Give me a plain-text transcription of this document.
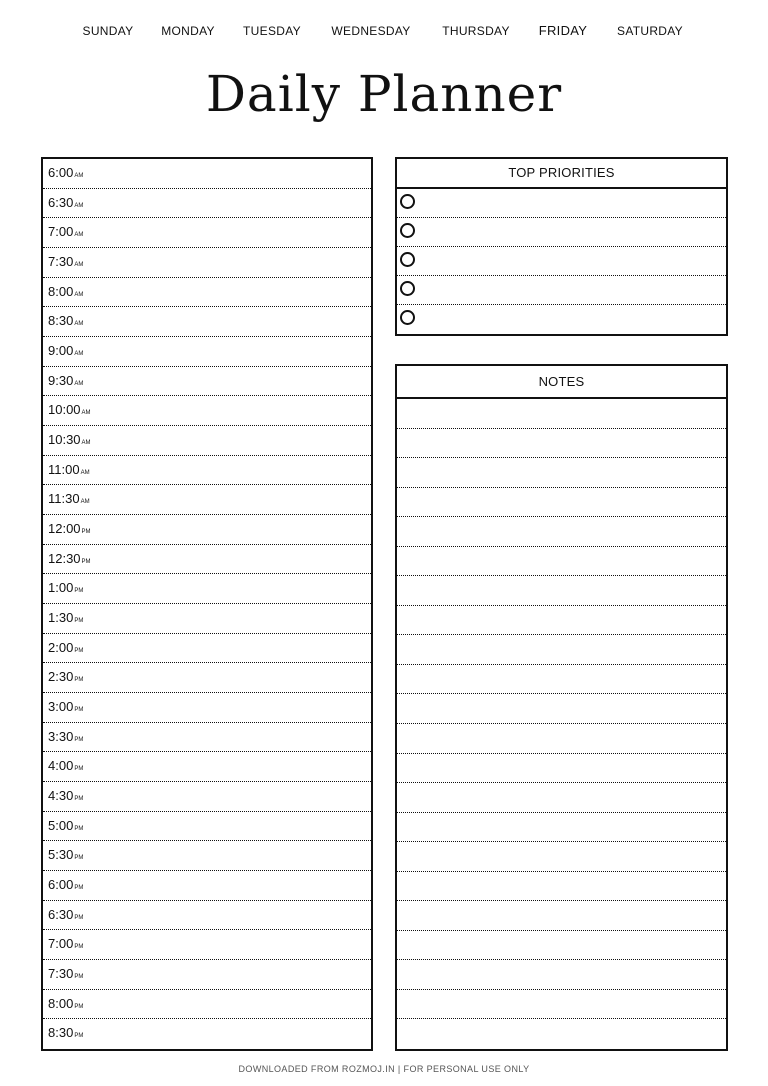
SUNDAY MONDAY TUESDAY	WEDNESDAY	THURSDAY FRIDAY SATURDAY
Daily Planner
6:00AM
6:30AM
7:00AM
7:30AM
8:00AM
8:30AM
9:00AM
9:30AM
10:00AM
10:30AM
11:00AM
11:30AM
12:00PM
12:30PM
1:00PM
1:30PM
2:00PM
2:30PM
3:00PM
3:30PM
4:00PM
4:30PM
5:00PM
5:30PM
6:00PM
6:30PM
7:00PM
7:30PM
8:00PM
8:30PM
TOP PRIORITIES
NOTES
DOWNLOADED FROM ROZMOJ.IN | FOR PERSONAL USE ONLY
